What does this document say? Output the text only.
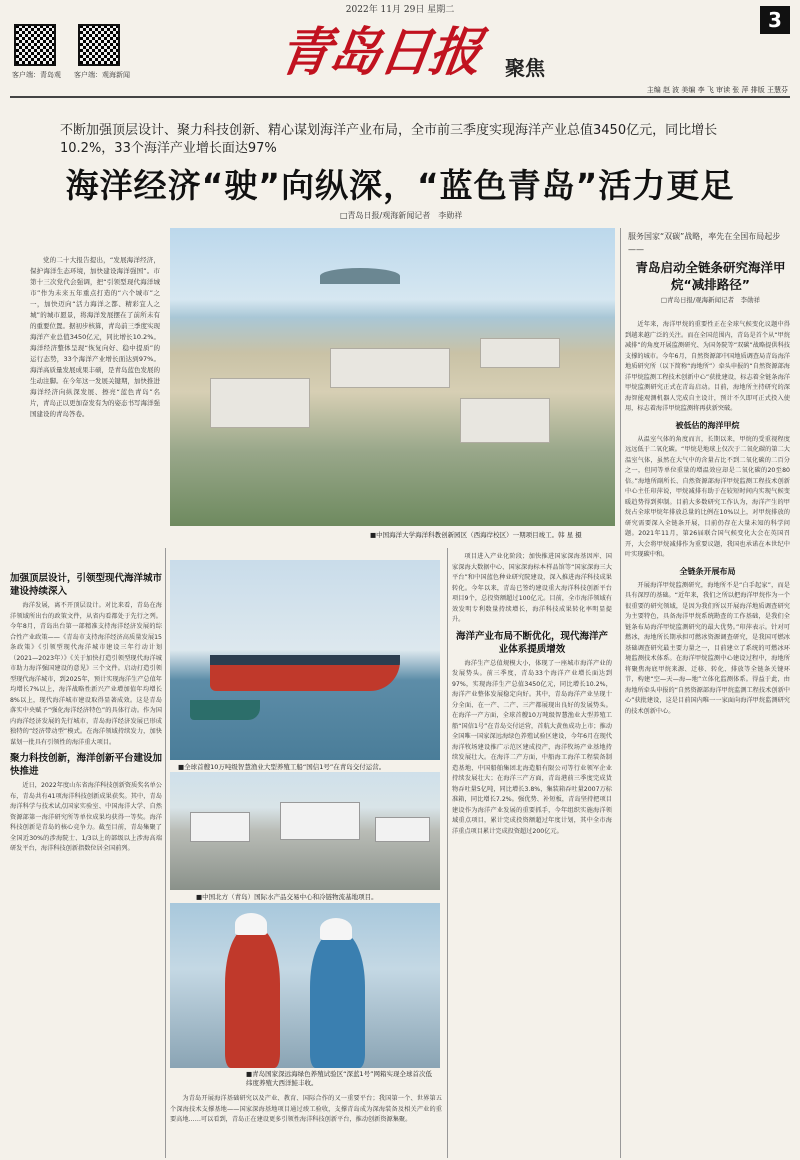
2022年 11月 29日 星期二	3
客户端：青岛观 客户端：观海新闻	青岛日报 聚焦
主编 赵 波 美编 李 飞 审读 张 萍 排版 王慧芬
不断加强顶层设计、聚力科技创新、精心谋划海洋产业布局，全市前三季度实现海洋产业总值3450亿元，同比增长10.2%，33个海洋产业增长面达97%
海洋经济“驶”向纵深，“蓝色青岛”活力更足
□青岛日报/观海新闻记者　李勋祥
■中国海洋大学海洋科教创新园区（西海岸校区）一期项目竣工。韩 星 摄

党的二十大报告提出，“发展海洋经济，保护海洋生态环境，加快建设海洋强国”。市第十三次党代会强调，把“引领型现代海洋城市”作为未来五年重点打造的“六个城市”之一，加快迈向“活力海洋之都、精彩宜人之城”的城市愿景，将海洋发展摆在了前所未有的重要位置。据初步核算，青岛前三季度实现海洋产业总值3450亿元，同比增长10.2%。海洋经济整体呈现“恢复向好、稳中提质”的运行态势，33个海洋产业增长面达到97%。海洋高质量发展成果丰硕，是青岛蓝色发展的生动注脚。在今年这一发展关键期，加快推进海洋经济向纵深发展、擦亮“蓝色青岛”名片，青岛正以更加奋发有为的姿态书写海洋强国建设的青岛答卷。

加强顶层设计，引领型现代海洋城市建设持续深入

海洋发展，离不开顶层设计。对比来看，青岛在海洋领域所出台的政策文件，从省内看都处于先行之列。今年8月，青岛出台第一部精准支持海洋经济发展的综合性产业政策——《青岛市支持海洋经济高质量发展15条政策》《引领型现代海洋城市建设三年行动计划（2021—2023年）》《关于加快打造引领型现代海洋城市助力海洋强国建设的意见》三个文件。启动打造引领型现代海洋城市，到2025年，预计实现海洋生产总值年均增长7%以上，海洋战略性新兴产业增加值年均增长8%以上，现代海洋城市建设取得显著成效。这是青岛落实中央赋予“强化海洋经济特色”的具体行动。作为国内海洋经济发展的先行城市，青岛海洋经济发展已形成独特的“经济带动型”模式。在海洋领域持续发力，加快谋划一批具有引领性的海洋重大项目。

聚力科技创新，海洋创新平台建设加快推进

近日，2022年度山东省海洋科技创新资质奖名单公布，青岛共有41项海洋科技创新成果获奖。其中，青岛海洋科学与技术试点国家实验室、中国海洋大学、自然资源部第一海洋研究所等单位成果均获得一等奖。海洋科技创新是青岛的核心竞争力。截至目前，青岛集聚了全国近30%的涉海院士、1/3以上的部级以上涉海高端研发平台，海洋科技创新指数位居全国前列。

■全球首艘10万吨级智慧渔业大型养殖工船“国信1号”在青岛交付运营。
■中国北方（青岛）国际水产品交易中心和冷链物流基地项目。
■青岛国家深远海绿色养殖试验区“深蓝1号”网箱实现全球首次低纬度养殖大西洋鲑丰收。

为青岛开展海洋基础研究以及产业、教育、国际合作的又一重要平台；我国第一个、世界第五个深海技术支撑基地——国家深海基地项目通过竣工验收，支撑青岛成为深海装备及相关产业的重要高地……可以看到，青岛正在建设更多引领性海洋科技创新平台，推动创新资源集聚。

项目进入产业化阶段；加快推进国家深海基因库、国家深海大数据中心、国家深海标本样品馆等“国家深海三大平台”和中国蓝色种业研究院建设，深入推进海洋科技成果转化。今年以来，青岛已签约建设重大海洋科技创新平台项目9个，总投资额超过100亿元。目前，全市海洋领域有效发明专利数量持续增长，海洋科技成果转化率明显提升。

海洋产业布局不断优化，现代海洋产业体系提质增效

海洋生产总值规模大小，体现了一座城市海洋产业的发展势头。前三季度，青岛33个海洋产业增长面达到97%，实现海洋生产总值3450亿元，同比增长10.2%，海洋产业整体发展稳定向好。其中，青岛海洋产业呈现十分全面、在一产、二产、三产都展现出良好的发展势头。在海洋一产方面，全球首艘10万吨级智慧渔业大型养殖工船“国信1号”在青岛交付运营，首航大黄鱼成功上市；推动全国唯一国家深远海绿色养殖试验区建设，今年6月在现代海洋牧场建设推广示范区建成投产，海洋牧场产业基地持续发展壮大。在海洋二产方面，中船海工海洋工程装备制造基地、中国船舶集团北海造船有限公司等行业领军企业持续发展壮大；在海洋三产方面，青岛港前三季度完成货物吞吐量5亿吨，同比增长3.8%，集装箱吞吐量2007万标准箱，同比增长7.2%。强优势、补短板，青岛坚持把项目建设作为海洋产业发展的重要抓手，今年组织实施海洋领域重点项目，累计完成投资额超过年度计划，其中全市海洋重点项目累计完成投资超过200亿元。

服务国家“双碳”战略，率先在全国布局起步——
青岛启动全链条研究海洋甲烷“减排路径”
□青岛日报/观海新闻记者　李勋祥

近年来，海洋甲烷的重要性正在全球气候变化议题中得到越来越广泛的关注。而在全国范围内，青岛是首个从“甲烷减排”的角度开展监测研究、为国务院等“双碳”战略提供科技支撑的城市。今年6月，自然资源部中国地质调查局青岛海洋地质研究所（以下简称“海地所”）牵头申报的“自然资源部海洋甲烷监测工程技术创新中心”获批建设，标志着全链条海洋甲烷监测研究正式在青岛启动。目前，海地所主持研究的深海智能观测机器人完成自主设计，预计不久即可正式投入使用，标志着海洋甲烷监测将再获新突破。

被低估的海洋甲烷

从温室气体的角度而言，长期以来，甲烷的受重视程度远远低于二氧化碳。“甲烷是地球上仅次于二氧化碳的第二大温室气体，虽然在大气中的含量占比不到二氧化碳的二百分之一，但同等单位重量的增温效应却是二氧化碳的20至80倍。”海地所副所长、自然资源部海洋甲烷监测工程技术创新中心主任印萍说，甲烷减排有助于在较短时间内实现气候变暖趋势得到抑制。目前大多数研究工作认为，海洋产生的甲烷占全球甲烷年排放总量的比例在10%以上，对甲烷排放的研究需要深入全链条开展，目前仍存在大量未知的科学问题。2021年11月，第26届联合国气候变化大会在英国召开，大会将甲烷减排作为重要议题，我国也承诺在本世纪中叶实现碳中和。

全链条开展布局

开展海洋甲烷监测研究，海地所不是“白手起家”，而是具有深厚的基础。“近年来，我们之所以把海洋甲烷作为一个很重要的研究领域，是因为我们所以开展海洋地质调查研究为主要特色，具备海洋甲烷系统勘查的工作基础，是我们全链条布局海洋甲烷监测研究的最大优势。”印萍表示。针对可燃冰，海地所长期承担可燃冰资源调查研究，是我国可燃冰基础调查研究最主要力量之一，目前建立了系统的可燃冰环境监测技术体系。在海洋甲烷监测中心建设过程中，海地所将聚焦海底甲烷来源、迁移、转化、排放等全链条关键环节，构建“空—天—海—地”立体化监测体系。得益于此，由海地所牵头申报的“自然资源部海洋甲烷监测工程技术创新中心”获批建设，这是目前国内唯一一家面向海洋甲烷监测研究的技术创新中心。
